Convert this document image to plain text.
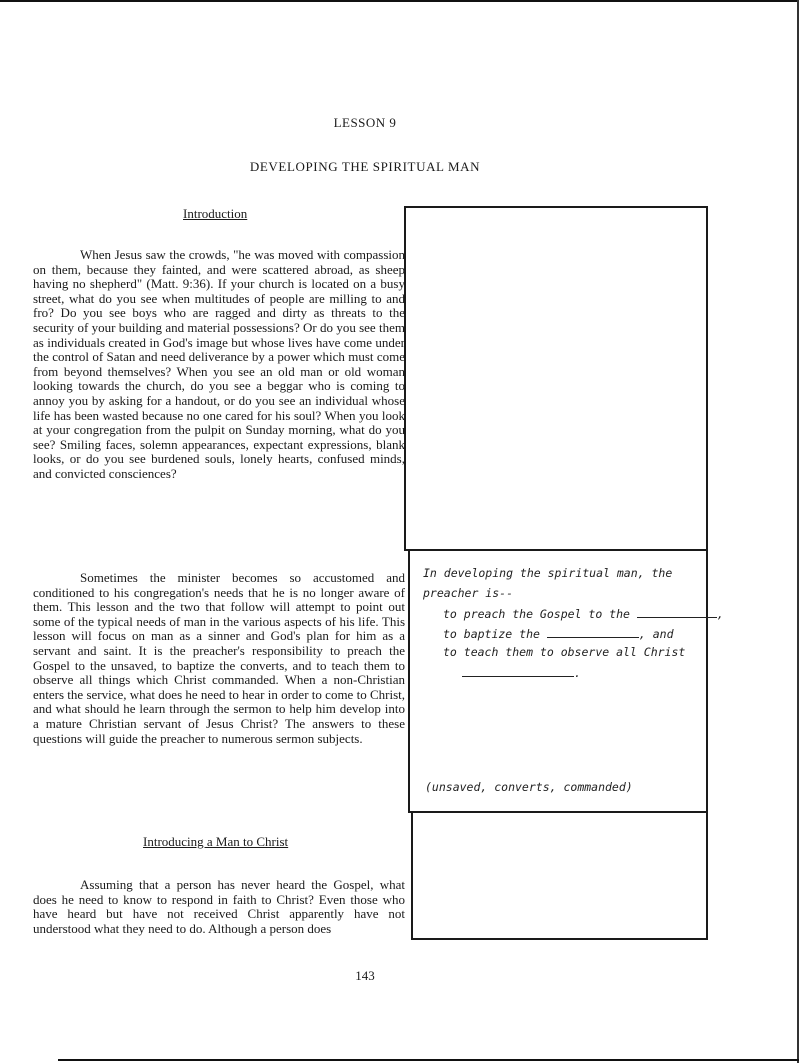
LESSON 9
DEVELOPING THE SPIRITUAL MAN
Introduction

When Jesus saw the crowds, "he was moved with compassion on them, because they fainted, and were scattered abroad, as sheep having no shepherd" (Matt. 9:36). If your church is located on a busy street, what do you see when multitudes of people are milling to and fro? Do you see boys who are ragged and dirty as threats to the security of your building and material possessions? Or do you see them as individuals created in God's image but whose lives have come under the control of Satan and need deliverance by a power which must come from beyond themselves? When you see an old man or old woman looking towards the church, do you see a beggar who is coming to annoy you by asking for a handout, or do you see an individual whose life has been wasted because no one cared for his soul? When you look at your congregation from the pulpit on Sunday morning, what do you see? Smiling faces, solemn appearances, expectant expressions, blank looks, or do you see burdened souls, lonely hearts, confused minds, and convicted consciences?

Sometimes the minister becomes so accustomed and conditioned to his congregation's needs that he is no longer aware of them. This lesson and the two that follow will attempt to point out some of the typical needs of man in the various aspects of his life. This lesson will focus on man as a sinner and God's plan for him as a servant and saint. It is the preacher's responsibility to preach the Gospel to the unsaved, to baptize the converts, and to teach them to observe all things which Christ commanded. When a non-Christian enters the service, what does he need to hear in order to come to Christ, and what should he learn through the sermon to help him develop into a mature Christian servant of Jesus Christ? The answers to these questions will guide the preacher to numerous sermon subjects.

Introducing a Man to Christ

Assuming that a person has never heard the Gospel, what does he need to know to respond in faith to Christ? Even those who have heard but have not received Christ apparently have not understood what they need to do. Although a person does

In developing the spiritual man, the
preacher is--
to preach the Gospel to the	,
to baptize the	, and
to teach them to observe all Christ
.
(unsaved, converts, commanded)
143
